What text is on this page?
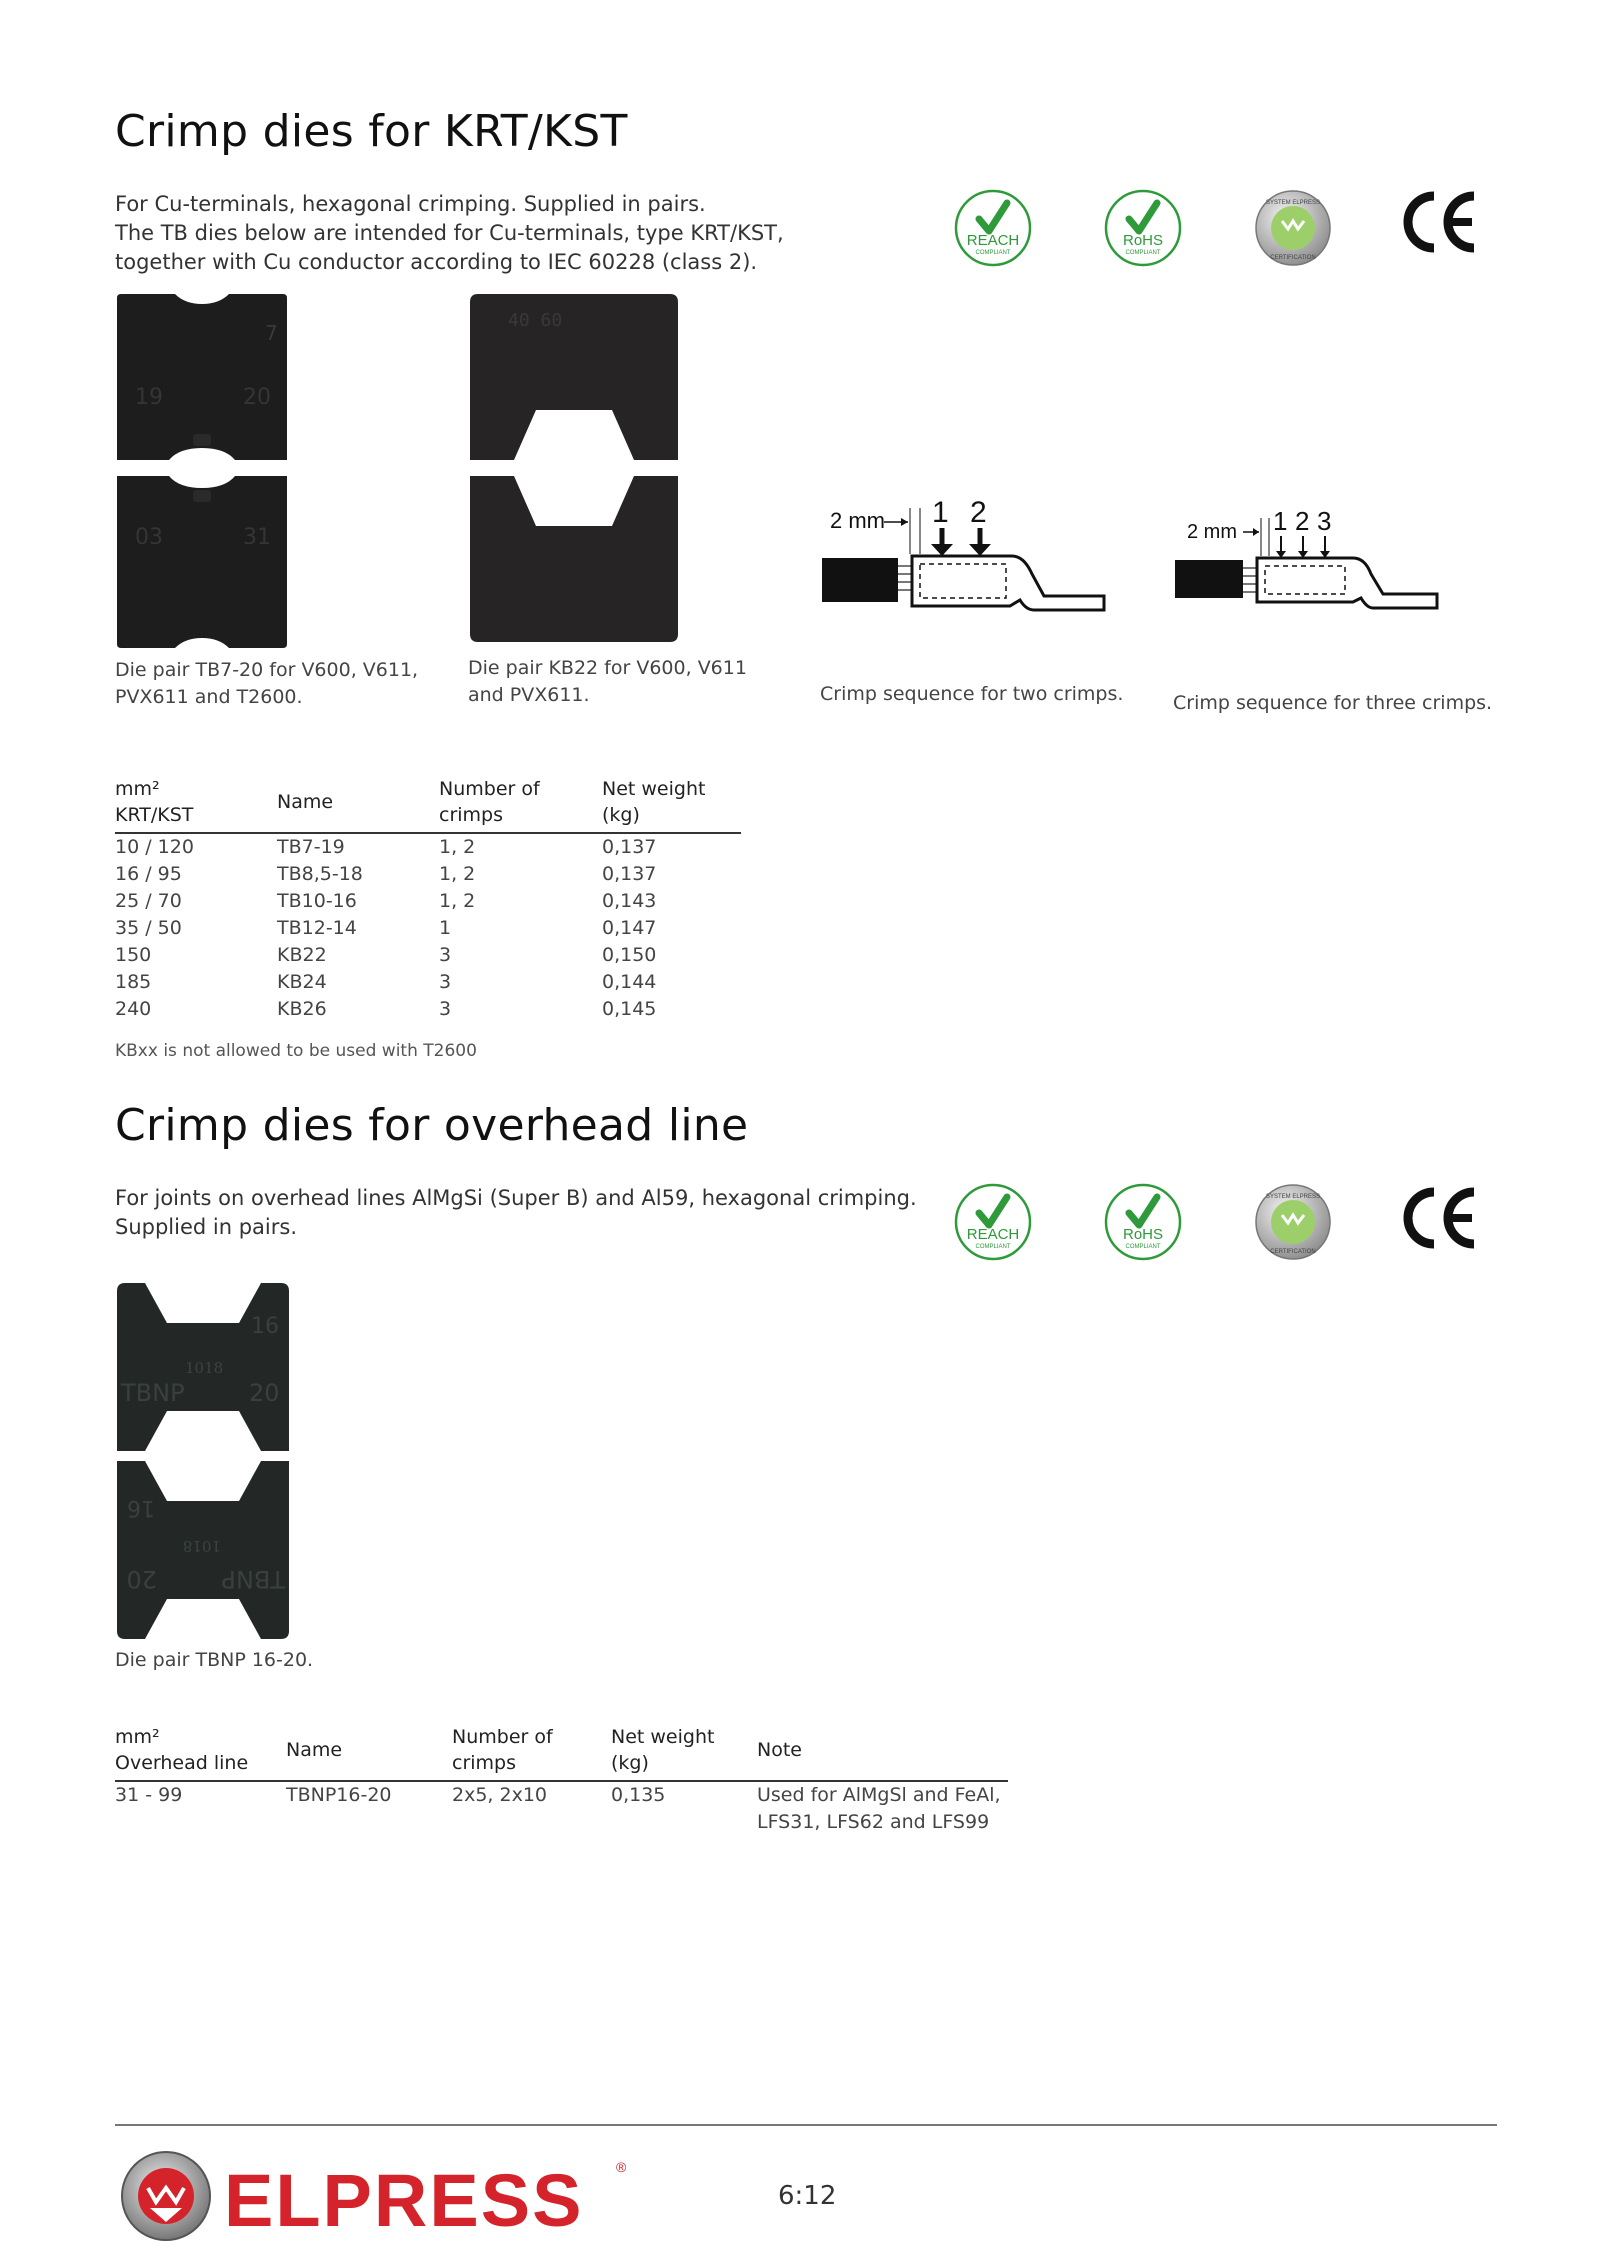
Crimp dies for KRT/KST
For Cu-terminals, hexagonal crimping. Supplied in pairs.
The TB dies below are intended for Cu-terminals, type KRT/KST,
together with Cu conductor according to IEC 60228 (class 2).
REACH
COMPLIANT
RoHS
COMPLIANT
SYSTEM ELPRESS
CERTIFICATION
7
19	20
03	31
Die pair TB7-20 for V600, V611,
PVX611 and T2600.
40 60
Die pair KB22 for V600, V611
and PVX611.
2 mm 1 2
Crimp sequence for two crimps.
2 mm 1 2 3
Crimp sequence for three crimps.
mm²
KRT/KST	Name	Number of
crimps	Net weight
(kg)
10 / 120	TB7-19	1, 2	0,137
16 / 95	TB8,5-18	1, 2	0,137
25 / 70	TB10-16	1, 2	0,143
35 / 50	TB12-14	1	0,147
150	KB22	3	0,150
185	KB24	3	0,144
240	KB26	3	0,145
KBxx is not allowed to be used with T2600
Crimp dies for overhead line
For joints on overhead lines AlMgSi (Super B) and Al59, hexagonal crimping.
Supplied in pairs.	REACH
COMPLIANT
RoHS
COMPLIANT
SYSTEM ELPRESS
CERTIFICATION
16
1018
TBNP	20
TBNP
20
1018
16
Die pair TBNP 16-20.
mm²
Overhead line	Name	Number of
crimps	Net weight
(kg)	Note
31 - 99	TBNP16-20	2x5, 2x10	0,135	Used for AlMgSl and FeAl,
LFS31, LFS62 and LFS99
ELPRESS ®
6:12
